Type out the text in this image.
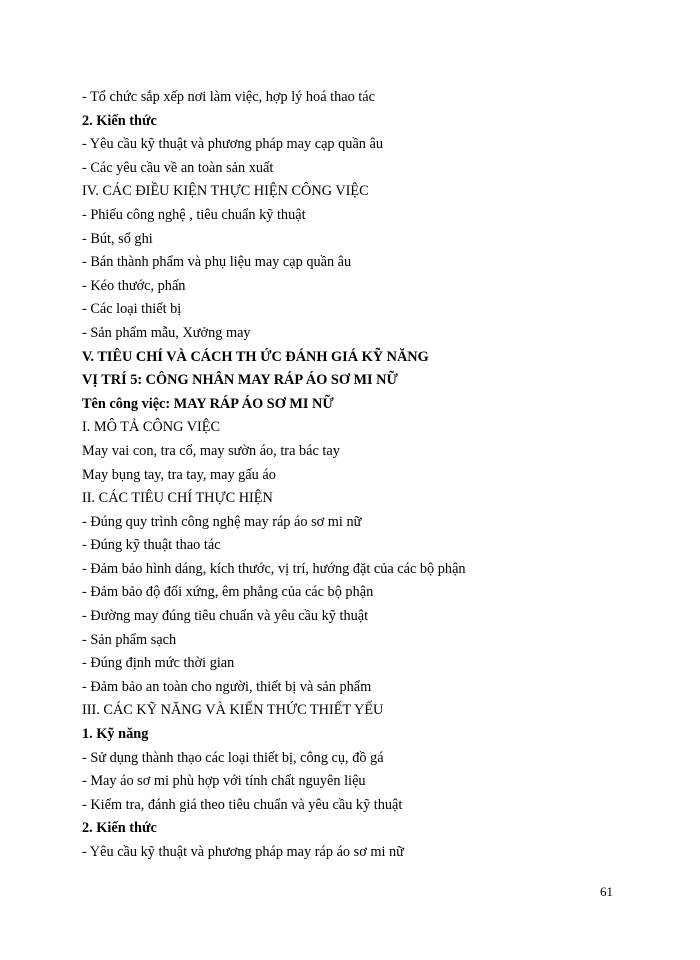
- Tổ chức sắp xếp nơi làm việc, hợp lý hoá thao tác
2. Kiến thức
- Yêu cầu kỹ thuật và phương pháp may cạp quần âu
- Các yêu cầu về an toàn sản xuất
IV. CÁC ĐIỀU KIỆN THỰC HIỆN CÔNG VIỆC
- Phiếu công nghệ , tiêu chuẩn kỹ thuật
- Bút, sổ ghi
- Bán thành phẩm và phụ liệu may cạp quần âu
- Kéo thước, phấn
- Các loại thiết bị
- Sản phẩm mẫu, Xưởng may
V. TIÊU CHÍ VÀ CÁCH TH ỨC ĐÁNH GIÁ KỸ NĂNG
VỊ TRÍ 5: CÔNG NHÂN MAY RÁP ÁO SƠ MI NỮ
Tên công việc: MAY RÁP ÁO SƠ MI NỮ
I. MÔ TẢ CÔNG VIỆC
May vai con, tra cổ, may sườn áo, tra bác tay
May bụng tay, tra tay, may gấu áo
II. CÁC TIÊU CHÍ THỰC HIỆN
- Đúng quy trình công nghệ may ráp áo sơ mi nữ
- Đúng kỹ thuật thao tác
- Đảm bảo hình dáng, kích thước, vị trí, hướng đặt của các bộ phận
- Đảm bảo độ đối xứng, êm phẳng của các bộ phận
- Đường may đúng tiêu chuẩn và yêu cầu kỹ thuật
- Sản phẩm sạch
- Đúng định mức thời gian
- Đảm bảo an toàn cho người, thiết bị và sản phẩm
III. CÁC KỸ NĂNG VÀ KIẾN THỨC THIẾT YẾU
1. Kỹ năng
- Sử dụng thành thạo các loại thiết bị, công cụ, đồ gá
- May áo sơ mi phù hợp với tính chất nguyên liệu
- Kiểm tra, đánh giá theo tiêu chuẩn và yêu cầu kỹ thuật
2. Kiến thức
- Yêu cầu kỹ thuật và phương pháp may ráp áo sơ mi nữ
61
